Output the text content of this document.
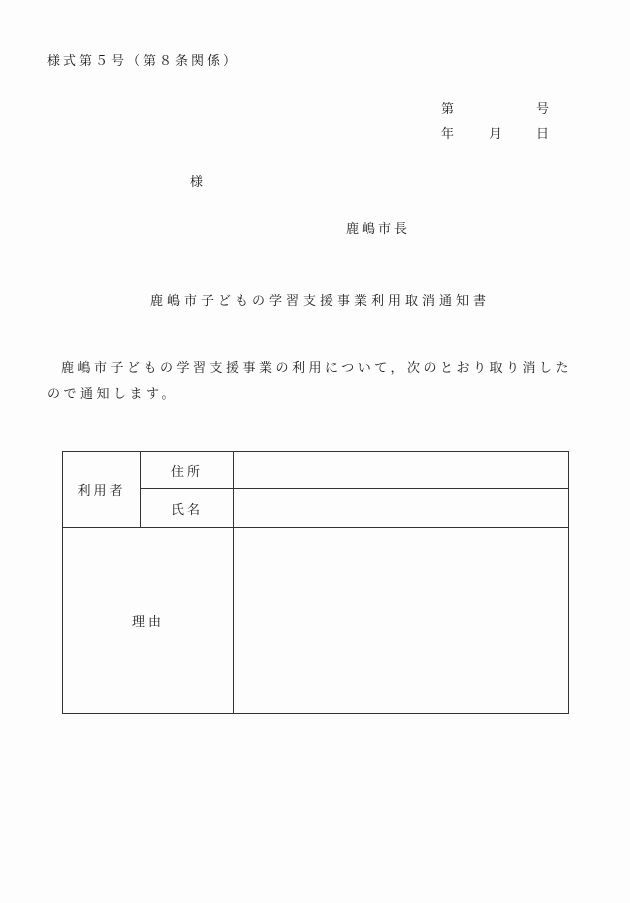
様式第５号（第８条関係）
第	号
年 月 日
様
鹿嶋市長
鹿嶋市子どもの学習支援事業利用取消通知書

鹿嶋市子どもの学習支援事業の利用について，次のとおり取り消したので通知します。

利用者	住所	
	氏名	
理由		
